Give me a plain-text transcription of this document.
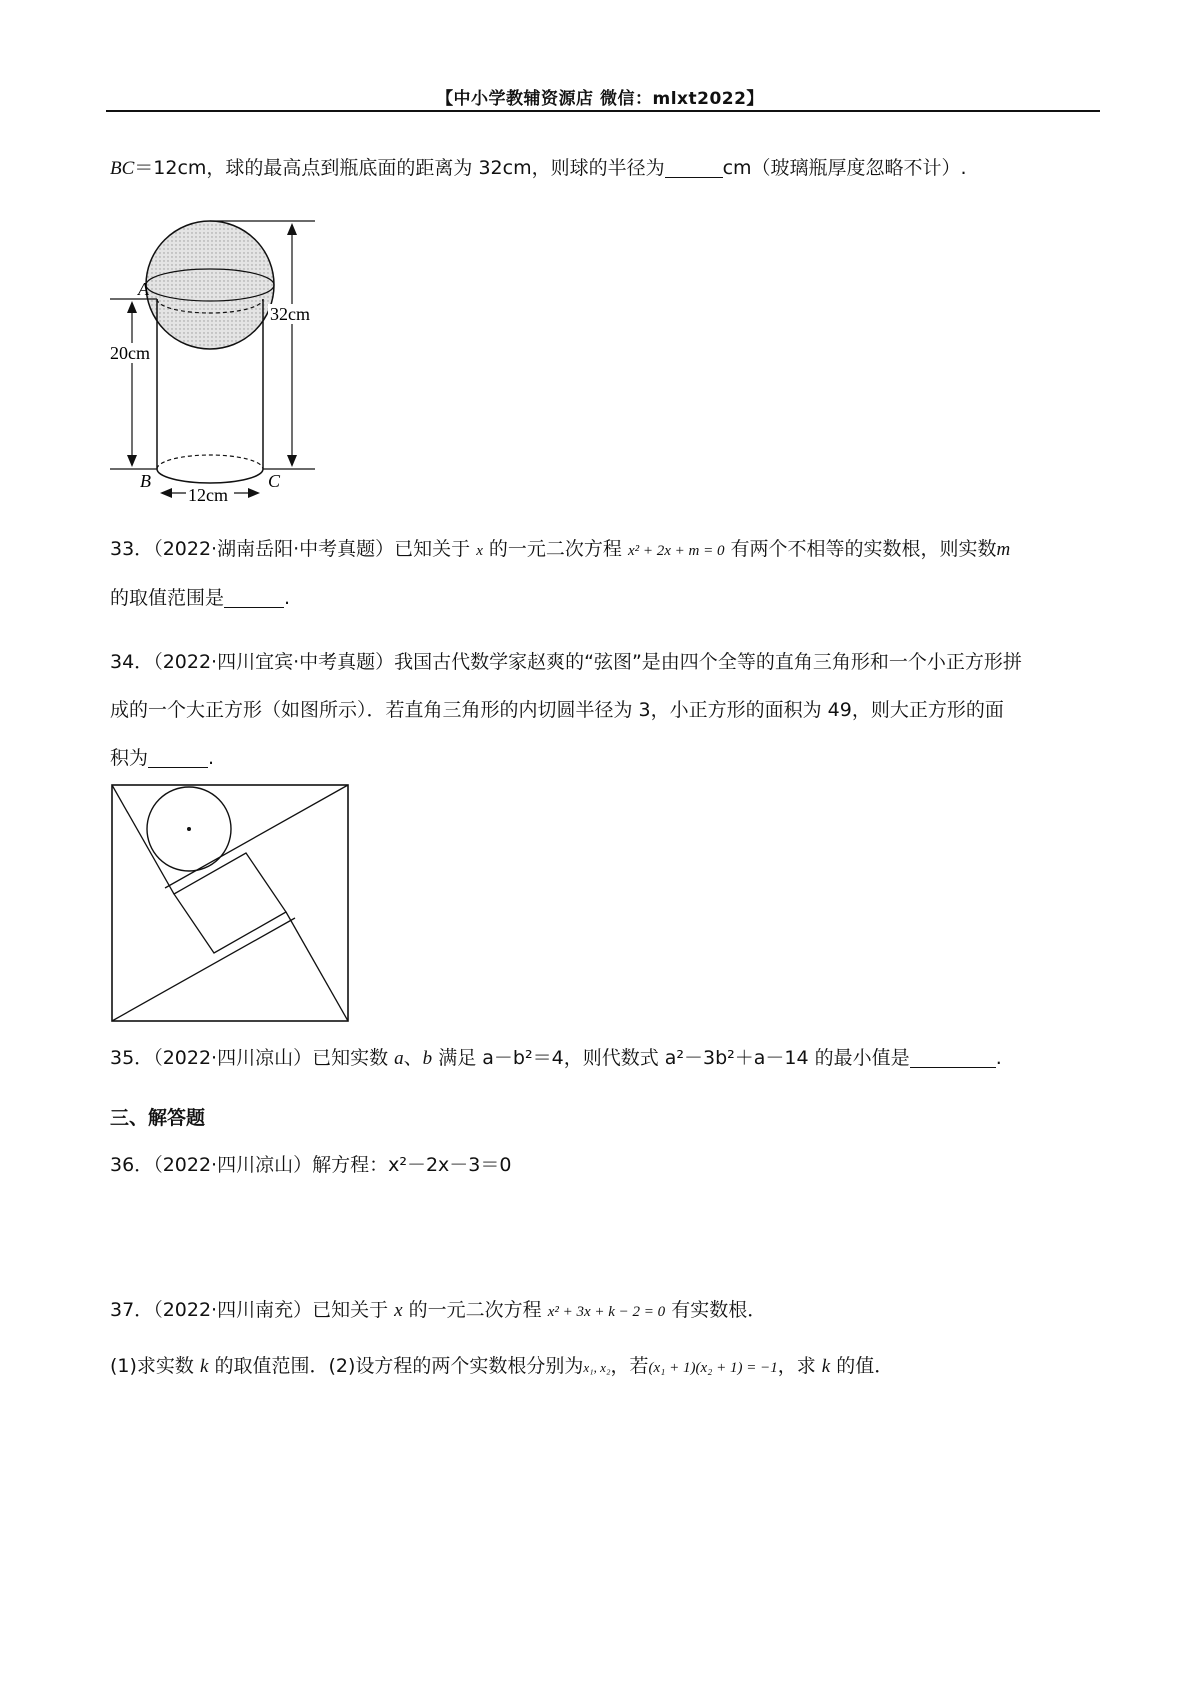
【中小学教辅资源店 微信：mlxt2022】
BC＝12cm，球的最高点到瓶底面的距离为 32cm，则球的半径为	cm（玻璃瓶厚度忽略不计）.
32cm
20cm
12cm
A
B	C
33．（2022·湖南岳阳·中考真题）已知关于 x 的一元二次方程 x² + 2x + m = 0 有两个不相等的实数根，则实数m
的取值范围是	.
34．（2022·四川宜宾·中考真题）我国古代数学家赵爽的“弦图”是由四个全等的直角三角形和一个小正方形拼
成的一个大正方形（如图所示）．若直角三角形的内切圆半径为 3，小正方形的面积为 49，则大正方形的面
积为	.
35．（2022·四川凉山）已知实数 a、b 满足 a－b²＝4，则代数式 a²－3b²＋a－14 的最小值是	.
三、解答题
36．（2022·四川凉山）解方程：x²－2x－3＝0
37．（2022·四川南充）已知关于 x 的一元二次方程 x² + 3x + k − 2 = 0 有实数根．
(1)求实数 k 的取值范围．(2)设方程的两个实数根分别为x₁, x₂，若(x₁ + 1)(x₂ + 1) = −1，求 k 的值．
